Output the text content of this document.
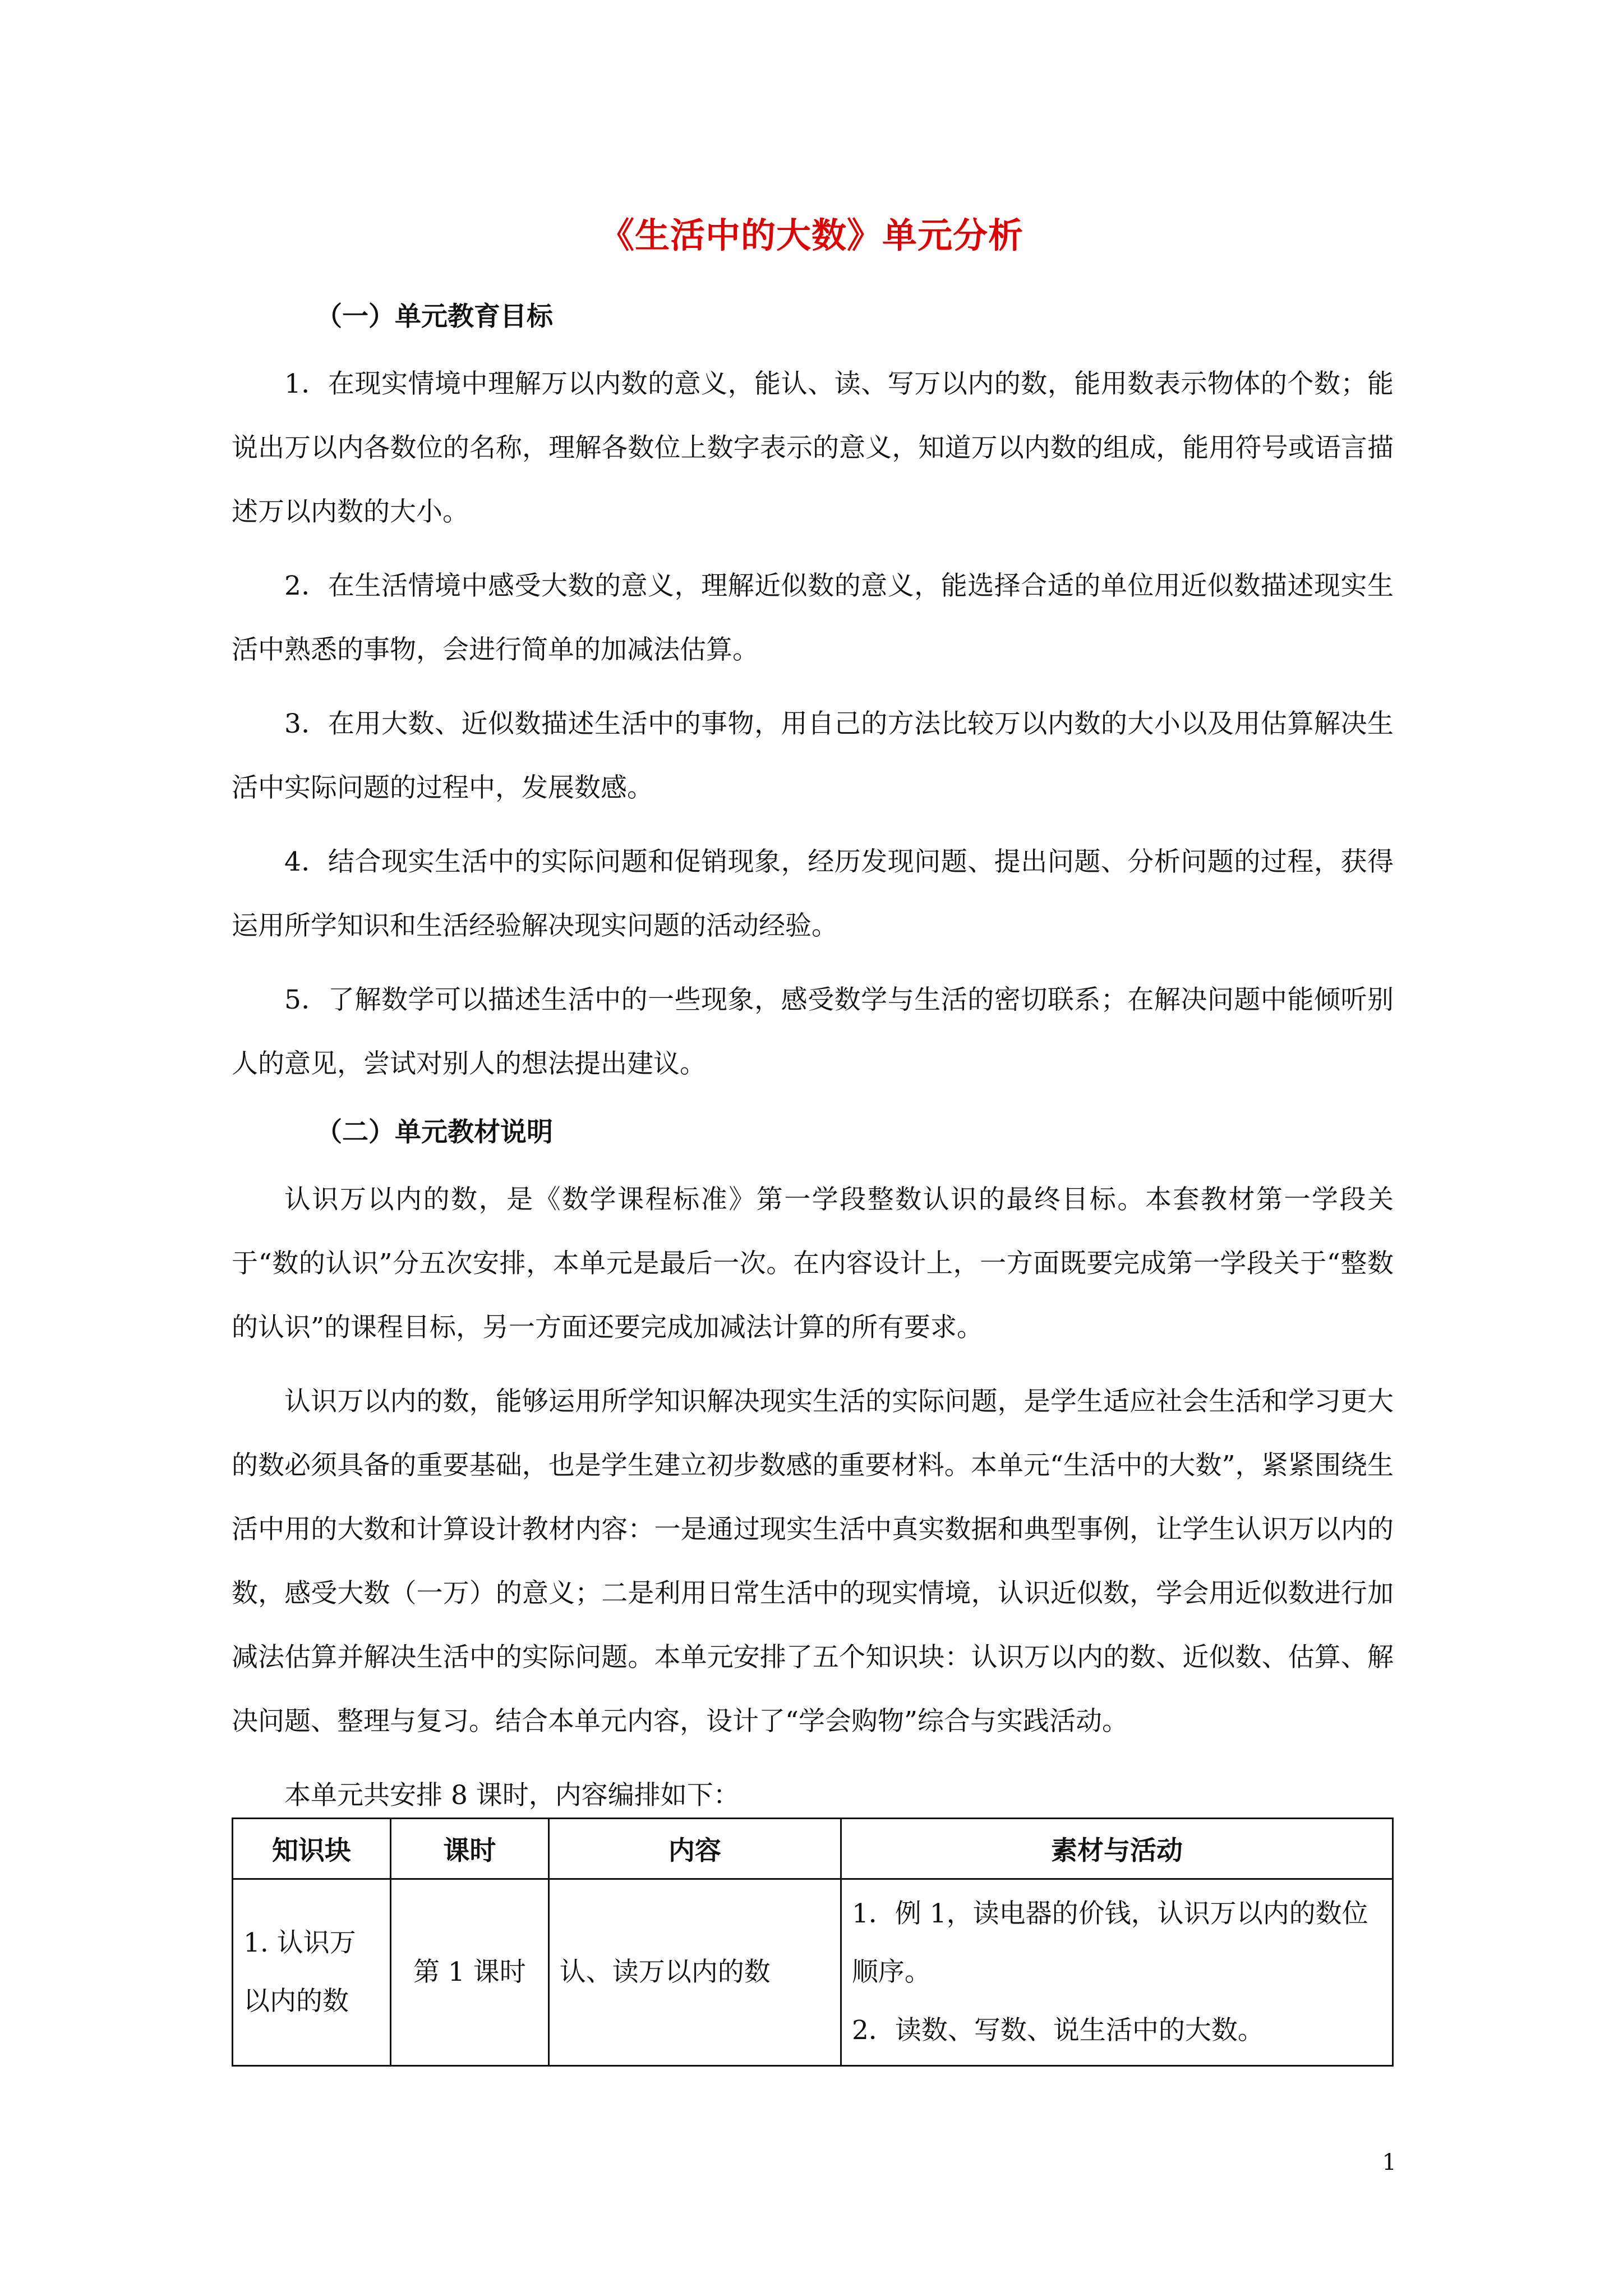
《生活中的大数》单元分析

（一）单元教育目标

1．在现实情境中理解万以内数的意义，能认、读、写万以内的数，能用数表示物体的个数；能说出万以内各数位的名称，理解各数位上数字表示的意义，知道万以内数的组成，能用符号或语言描述万以内数的大小。

2．在生活情境中感受大数的意义，理解近似数的意义，能选择合适的单位用近似数描述现实生活中熟悉的事物，会进行简单的加减法估算。

3．在用大数、近似数描述生活中的事物，用自己的方法比较万以内数的大小以及用估算解决生活中实际问题的过程中，发展数感。

4．结合现实生活中的实际问题和促销现象，经历发现问题、提出问题、分析问题的过程，获得运用所学知识和生活经验解决现实问题的活动经验。

5．了解数学可以描述生活中的一些现象，感受数学与生活的密切联系；在解决问题中能倾听别人的意见，尝试对别人的想法提出建议。

（二）单元教材说明

认识万以内的数，是《数学课程标准》第一学段整数认识的最终目标。本套教材第一学段关于“数的认识”分五次安排，本单元是最后一次。在内容设计上，一方面既要完成第一学段关于“整数的认识”的课程目标，另一方面还要完成加减法计算的所有要求。

认识万以内的数，能够运用所学知识解决现实生活的实际问题，是学生适应社会生活和学习更大的数必须具备的重要基础，也是学生建立初步数感的重要材料。本单元“生活中的大数”，紧紧围绕生活中用的大数和计算设计教材内容：一是通过现实生活中真实数据和典型事例，让学生认识万以内的数，感受大数（一万）的意义；二是利用日常生活中的现实情境，认识近似数，学会用近似数进行加减法估算并解决生活中的实际问题。本单元安排了五个知识块：认识万以内的数、近似数、估算、解决问题、整理与复习。结合本单元内容，设计了“学会购物”综合与实践活动。

本单元共安排 8 课时，内容编排如下：

知识块	课时	内容	素材与活动
1. 认识万以内的数	第 1 课时	认、读万以内的数	1．例 1，读电器的价钱，认识万以内的数位顺序。
2．读数、写数、说生活中的大数。
1
